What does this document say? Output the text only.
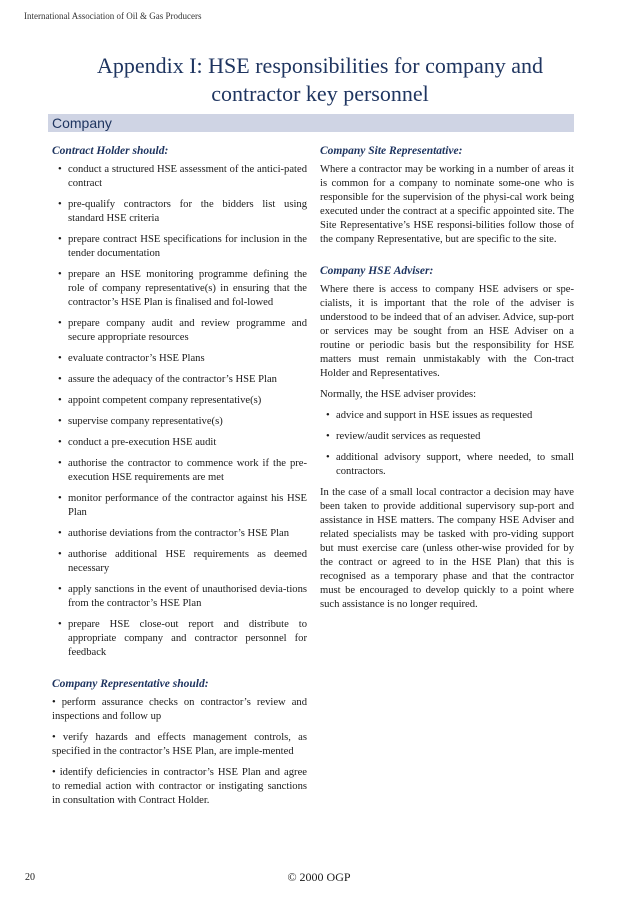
International Association of Oil & Gas Producers
Appendix I: HSE responsibilities for company and
contractor key personnel
Company
Contract Holder should:
• conduct a structured HSE assessment of the antici-pated contract
• pre-qualify contractors for the bidders list using standard HSE criteria
• prepare contract HSE specifications for inclusion in the tender documentation
• prepare an HSE monitoring programme defining the role of company representative(s) in ensuring that the contractor’s HSE Plan is finalised and fol-lowed
• prepare company audit and review programme and secure appropriate resources
• evaluate contractor’s HSE Plans
• assure the adequacy of the contractor’s HSE Plan
• appoint competent company representative(s)
• supervise company representative(s)
• conduct a pre-execution HSE audit
• authorise the contractor to commence work if the pre-execution HSE requirements are met
• monitor performance of the contractor against his HSE Plan
• authorise deviations from the contractor’s HSE Plan
• authorise additional HSE requirements as deemed necessary
• apply sanctions in the event of unauthorised devia-tions from the contractor’s HSE Plan
• prepare HSE close-out report and distribute to appropriate company and contractor personnel for feedback
Company Representative should:

• perform assurance checks on contractor’s review and inspections and follow up

• verify hazards and effects management controls, as specified in the contractor’s HSE Plan, are imple-mented

• identify deficiencies in contractor’s HSE Plan and agree to remedial action with contractor or instigating sanctions in consultation with Contract Holder.

Company Site Representative:

Where a contractor may be working in a number of areas it is common for a company to nominate some-one who is responsible for the supervision of the physi-cal work being executed under the contract at a specific appointed site. The Site Representative’s HSE responsi-bilities follow those of the company Representative, but are specific to the site.

Company HSE Adviser:

Where there is access to company HSE advisers or spe-cialists, it is important that the role of the adviser is understood to be indeed that of an adviser. Advice, sup-port or services may be sought from an HSE Adviser on a routine or periodic basis but the responsibility for HSE matters must remain unmistakably with the Con-tract Holder and Representatives.

Normally, the HSE adviser provides:

• advice and support in HSE issues as requested
• review/audit services as requested
• additional advisory support, where needed, to small contractors.

In the case of a small local contractor a decision may have been taken to provide additional supervisory sup-port and assistance in HSE matters. The company HSE Adviser and related specialists may be tasked with pro-viding support but must exercise care (unless other-wise provided for by the contract or agreed to in the HSE Plan) that this is recognised as a temporary phase and that the contractor must be encouraged to develop quickly to a point where such assistance is no longer required.

20	© 2000 OGP
